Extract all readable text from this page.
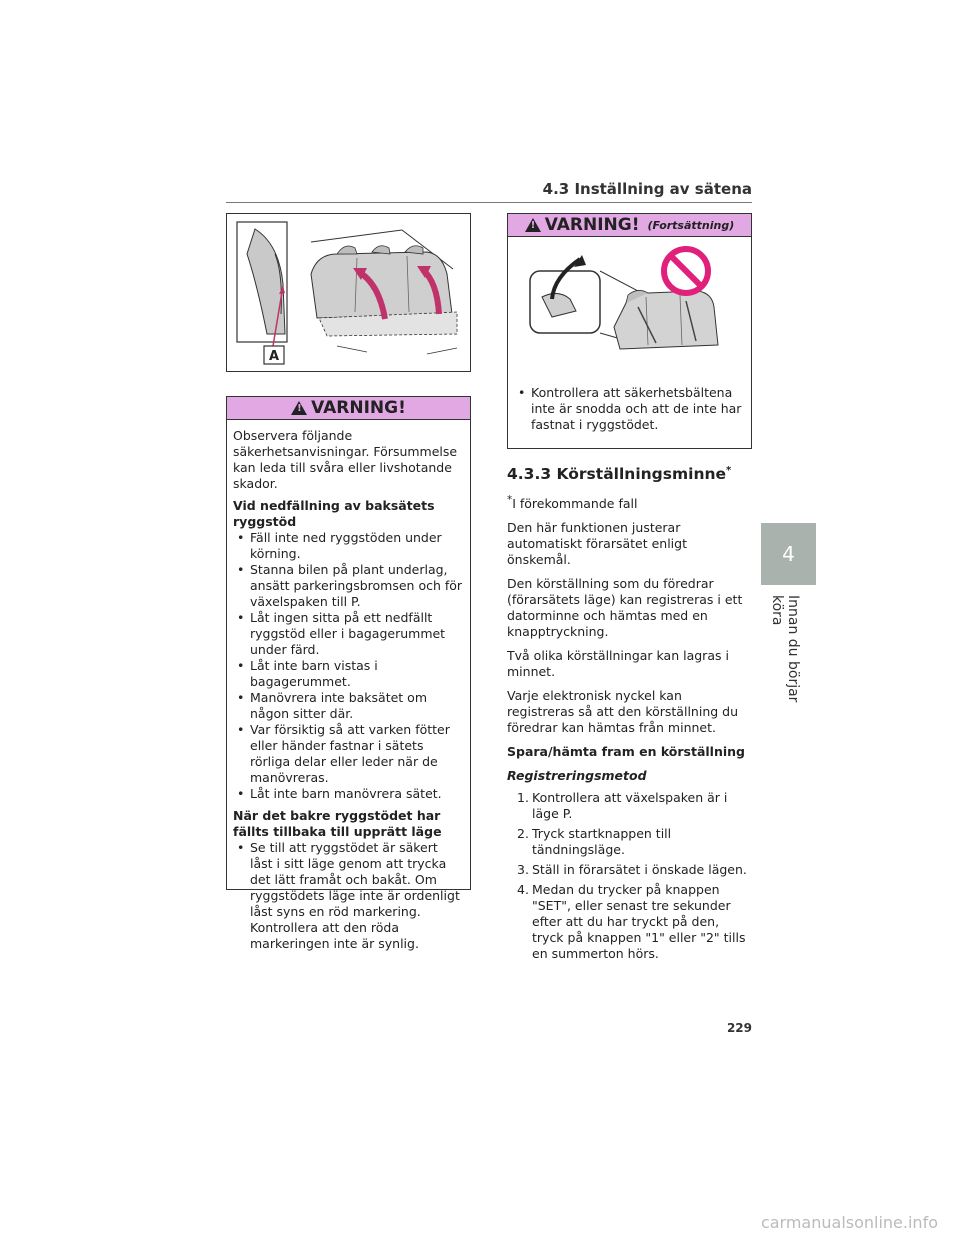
4.3 Inställning av sätena
4
Innan du börjar köra
A
!
VARNING!

Observera följande säkerhetsanvisningar. Försummelse kan leda till svåra eller livshotande skador.

Vid nedfällning av baksätets ryggstöd

• Fäll inte ned ryggstöden under körning.
• Stanna bilen på plant underlag, ansätt parkeringsbromsen och för växelspaken till P.
• Låt ingen sitta på ett nedfällt ryggstöd eller i bagagerummet under färd.
• Låt inte barn vistas i bagagerummet.
• Manövrera inte baksätet om någon sitter där.
• Var försiktig så att varken fötter eller händer fastnar i sätets rörliga delar eller leder när de manövreras.
• Låt inte barn manövrera sätet.

När det bakre ryggstödet har fällts tillbaka till upprätt läge

• Se till att ryggstödet är säkert låst i sitt läge genom att trycka det lätt framåt och bakåt. Om ryggstödets läge inte är ordenligt låst syns en röd markering. Kontrollera att den röda markeringen inte är synlig.
!
VARNING! (Fortsättning)
• Kontrollera att säkerhetsbältena inte är snodda och att de inte har fastnat i ryggstödet.
4.3.3 Körställningsminne*

*I förekommande fall

Den här funktionen justerar automatiskt förarsätet enligt önskemål.

Den körställning som du föredrar (förarsätets läge) kan registreras i ett datorminne och hämtas med en knapptryckning.

Två olika körställningar kan lagras i minnet.

Varje elektronisk nyckel kan registreras så att den körställning du föredrar kan hämtas från minnet.

Spara/hämta fram en körställning

Registreringsmetod
1. Kontrollera att växelspaken är i läge P.
2. Tryck startknappen till tändningsläge.
3. Ställ in förarsätet i önskade lägen.
4. Medan du trycker på knappen "SET", eller senast tre sekunder efter att du har tryckt på den, tryck på knappen "1" eller "2" tills en summerton hörs.
229
carmanualsonline.info
